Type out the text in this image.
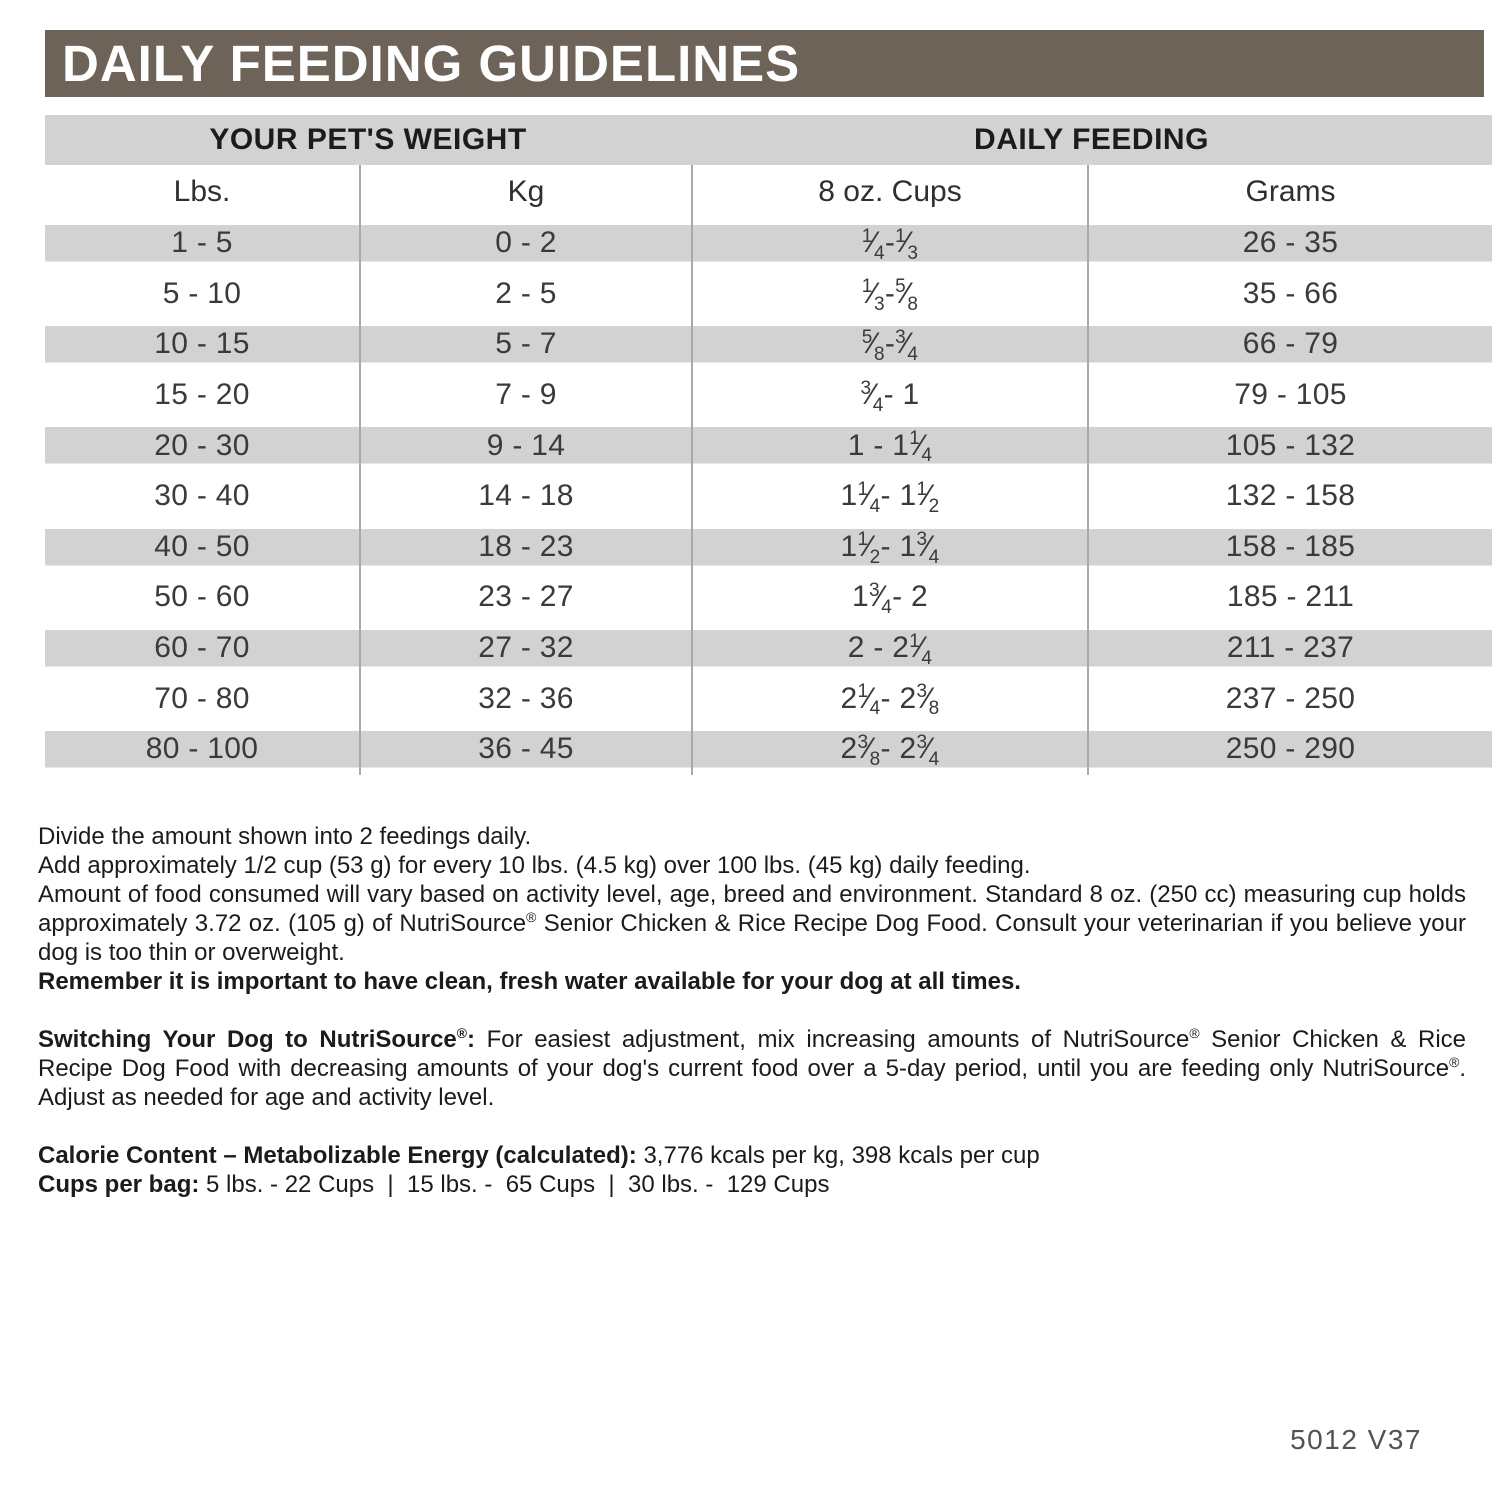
DAILY FEEDING GUIDELINES
YOUR PET'S WEIGHT	DAILY FEEDING
Lbs.	Kg	8 oz. Cups	Grams
1 - 5	0 - 2	$^1⁄_4$ - $^1⁄_3$	26 - 35
5 - 10	2 - 5	$^1⁄_3$ - $^5⁄_8$	35 - 66
10 - 15	5 - 7	$^5⁄_8$ - $^3⁄_4$	66 - 79
15 - 20	7 - 9	$^3⁄_4 - 1$	79 - 105
20 - 30	9 - 14	1 - 1 $^1⁄_4$	105 - 132
30 - 40	14 - 18	1 $^1⁄_4 - 1$ $^1⁄_2$	132 - 158
40 - 50	18 - 23	1 $^1⁄_2 - 1$ $^3⁄_4$	158 - 185
50 - 60	23 - 27	1 $^3⁄_4 - 2$	185 - 211
60 - 70	27 - 32	2 - 2 $^1⁄_4$	211 - 237
70 - 80	32 - 36	2 $^1⁄_4 - 2$ $^3⁄_8$	237 - 250
80 - 100	36 - 45	2 $^3⁄_8 - 2$ $^3⁄_4$	250 - 290

Divide the amount shown into 2 feedings daily.

Add approximately 1/2 cup (53 g) for every 10 lbs. (4.5 kg) over 100 lbs. (45 kg) daily feeding.

Amount of food consumed will vary based on activity level, age, breed and environment. Standard 8 oz. (250 cc) measuring cup holds approximately 3.72 oz. (105 g) of NutriSource® Senior Chicken & Rice Recipe Dog Food. Consult your veterinarian if you believe your dog is too thin or overweight.

Remember it is important to have clean, fresh water available for your dog at all times.

Switching Your Dog to NutriSource®: For easiest adjustment, mix increasing amounts of NutriSource® Senior Chicken & Rice Recipe Dog Food with decreasing amounts of your dog's current food over a 5-day period, until you are feeding only NutriSource®. Adjust as needed for age and activity level.

Calorie Content – Metabolizable Energy (calculated): 3,776 kcals per kg, 398 kcals per cup

Cups per bag: 5 lbs. - 22 Cups  |  15 lbs. -  65 Cups  |  30 lbs. -  129 Cups

5012 V37
